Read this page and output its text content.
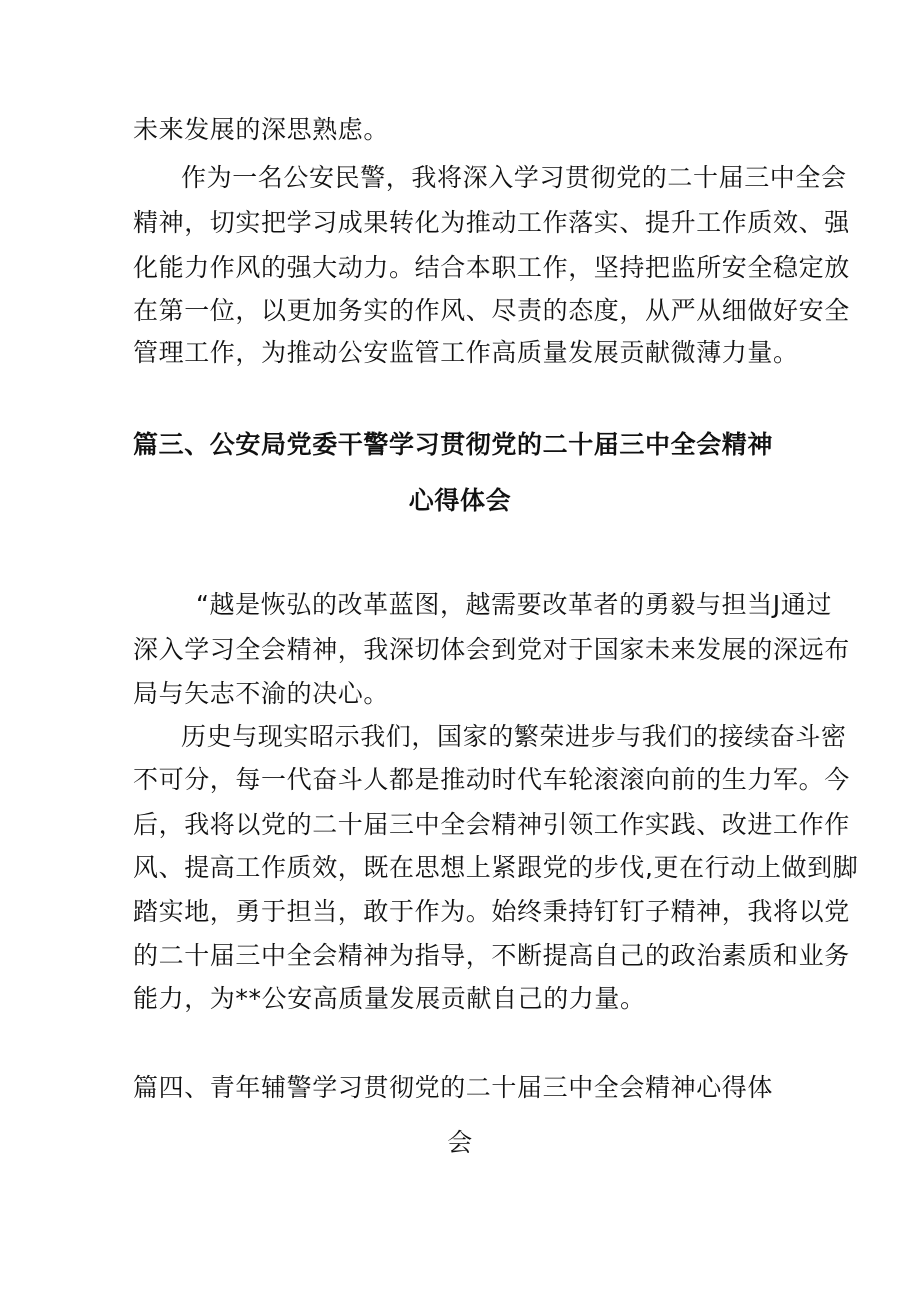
未来发展的深思熟虑。
作为一名公安民警，我将深入学习贯彻党的二十届三中全会
精神，切实把学习成果转化为推动工作落实、提升工作质效、强
化能力作风的强大动力。结合本职工作，坚持把监所安全稳定放
在第一位，以更加务实的作风、尽责的态度，从严从细做好安全
管理工作，为推动公安监管工作高质量发展贡献微薄力量。
篇三、公安局党委干警学习贯彻党的二十届三中全会精神
心得体会
“越是恢弘的改革蓝图，越需要改革者的勇毅与担当J通过
深入学习全会精神，我深切体会到党对于国家未来发展的深远布
局与矢志不渝的决心。
历史与现实昭示我们，国家的繁荣进步与我们的接续奋斗密
不可分，每一代奋斗人都是推动时代车轮滚滚向前的生力军。今
后，我将以党的二十届三中全会精神引领工作实践、改进工作作
风、提高工作质效，既在思想上紧跟党的步伐,更在行动上做到脚
踏实地，勇于担当，敢于作为。始终秉持钉钉子精神，我将以党
的二十届三中全会精神为指导，不断提高自己的政治素质和业务
能力，为**公安高质量发展贡献自己的力量。
篇四、青年辅警学习贯彻党的二十届三中全会精神心得体
会
